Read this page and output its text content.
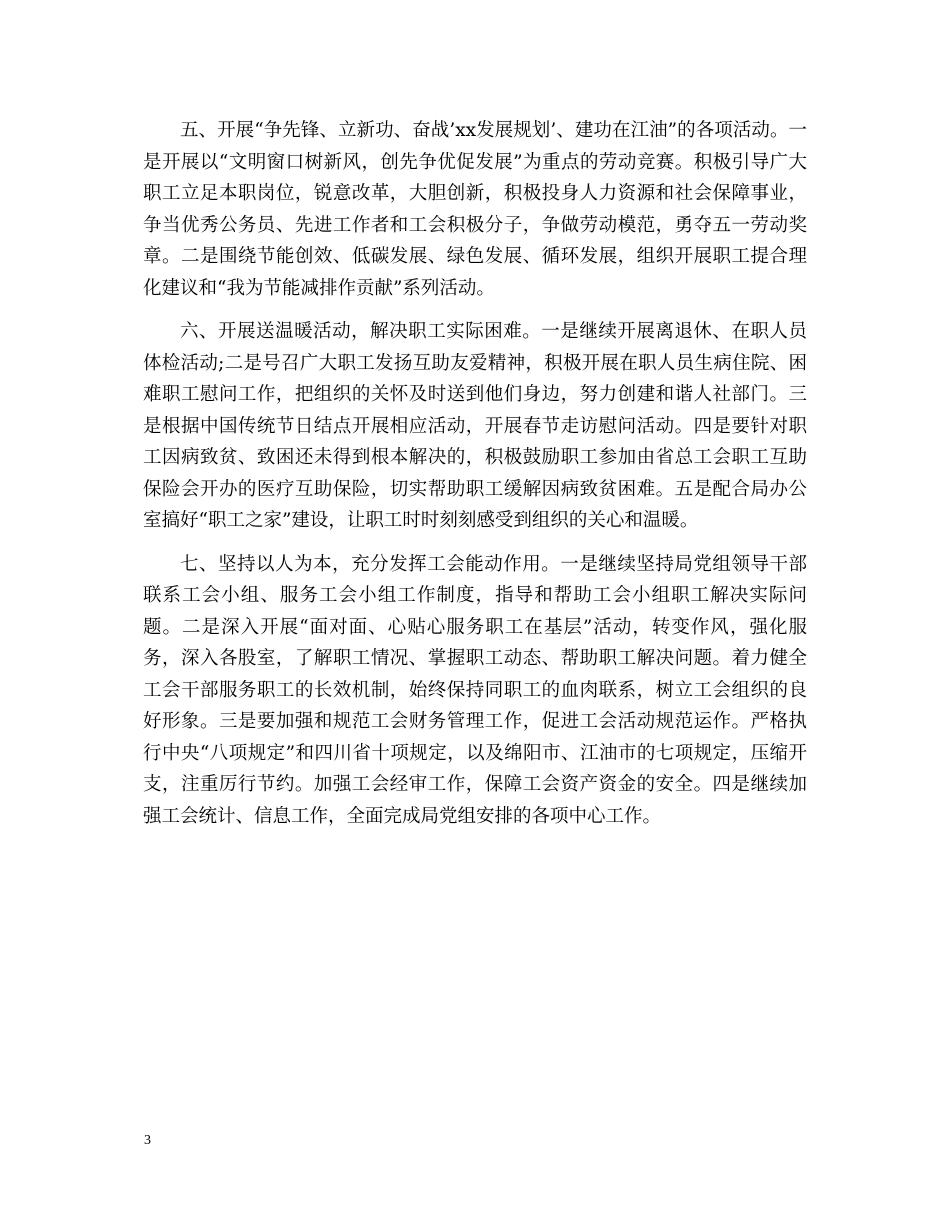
五、开展“争先锋、立新功、奋战’xx发展规划’、建功在江油”的各项活动。一是开展以“文明窗口树新风，创先争优促发展”为重点的劳动竞赛。积极引导广大职工立足本职岗位，锐意改革，大胆创新，积极投身人力资源和社会保障事业，争当优秀公务员、先进工作者和工会积极分子，争做劳动模范，勇夺五一劳动奖章。二是围绕节能创效、低碳发展、绿色发展、循环发展，组织开展职工提合理化建议和“我为节能减排作贡献”系列活动。

六、开展送温暖活动，解决职工实际困难。一是继续开展离退休、在职人员体检活动;二是号召广大职工发扬互助友爱精神，积极开展在职人员生病住院、困难职工慰问工作，把组织的关怀及时送到他们身边，努力创建和谐人社部门。三是根据中国传统节日结点开展相应活动，开展春节走访慰问活动。四是要针对职工因病致贫、致困还未得到根本解决的，积极鼓励职工参加由省总工会职工互助保险会开办的医疗互助保险，切实帮助职工缓解因病致贫困难。五是配合局办公室搞好“职工之家”建设，让职工时时刻刻感受到组织的关心和温暖。

七、坚持以人为本，充分发挥工会能动作用。一是继续坚持局党组领导干部联系工会小组、服务工会小组工作制度，指导和帮助工会小组职工解决实际问题。二是深入开展“面对面、心贴心服务职工在基层”活动，转变作风，强化服务，深入各股室，了解职工情况、掌握职工动态、帮助职工解决问题。着力健全工会干部服务职工的长效机制，始终保持同职工的血肉联系，树立工会组织的良好形象。三是要加强和规范工会财务管理工作，促进工会活动规范运作。严格执行中央“八项规定”和四川省十项规定，以及绵阳市、江油市的七项规定，压缩开支，注重厉行节约。加强工会经审工作，保障工会资产资金的安全。四是继续加强工会统计、信息工作，全面完成局党组安排的各项中心工作。

3
